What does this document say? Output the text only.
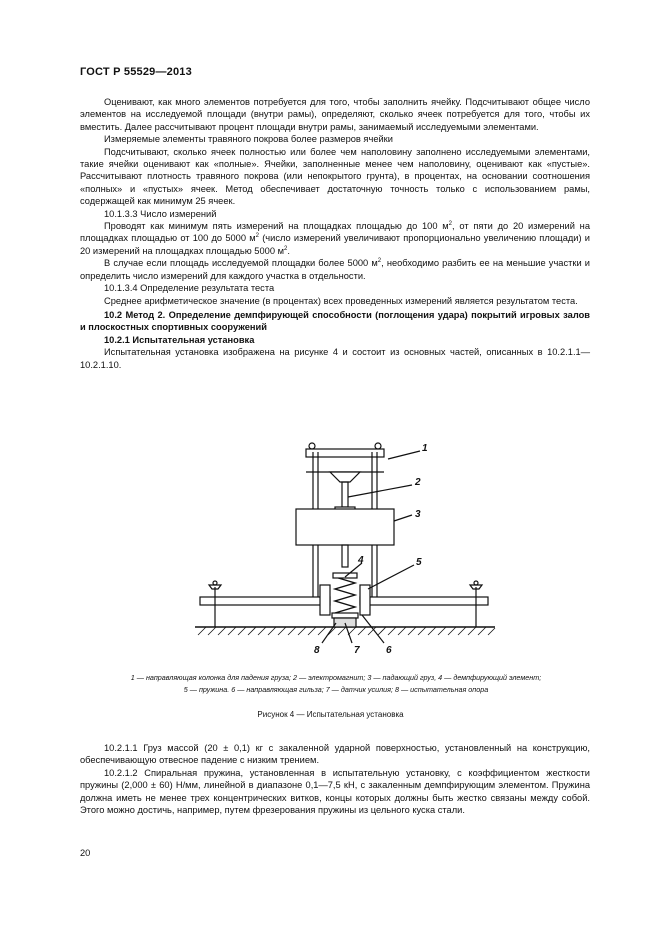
ГОСТ Р 55529—2013

Оценивают, как много элементов потребуется для того, чтобы заполнить ячейку. Подсчитывают общее число элементов на исследуемой площади (внутри рамы), определяют, сколько ячеек потребуется для того, чтобы их вместить. Далее рассчитывают процент площади внутри рамы, занимаемый исследуемыми элементами.

Измеряемые элементы травяного покрова более размеров ячейки

Подсчитывают, сколько ячеек полностью или более чем наполовину заполнено исследуемыми элементами, такие ячейки оценивают как «полные». Ячейки, заполненные менее чем наполовину, оценивают как «пустые». Рассчитывают плотность травяного покрова (или непокрытого грунта), в процентах, на основании соотношения «полных» и «пустых» ячеек. Метод обеспечивает достаточную точность только с использованием рамы, содержащей как минимум 25 ячеек.

10.1.3.3 Число измерений

Проводят как минимум пять измерений на площадках площадью до 100 $м^2$, от пяти до 20 измерений на площадках площадью от 100 до 5000 $м^2$ (число измерений увеличивают пропорционально увеличению площади) и 20 измерений на площадках площадью 5000 $м^2$.

В случае если площадь исследуемой площадки более 5000 $м^2$, необходимо разбить ее на меньшие участки и определить число измерений для каждого участка в отдельности.

10.1.3.4 Определение результата теста

Среднее арифметическое значение (в процентах) всех проведенных измерений является результатом теста.

10.2 Метод 2. Определение демпфирующей способности (поглощения удара) покрытий игровых залов и плоскостных спортивных сооружений

10.2.1 Испытательная установка

Испытательная установка изображена на рисунке 4 и состоит из основных частей, описанных в 10.2.1.1—10.2.1.10.

1
2
3
4	5
6
7
8
1 — направляющая колонка для падения груза; 2 — электромагнит; 3 — падающий груз, 4 — демпфирующий элемент;
5 — пружина. 6 — направляющая гильза; 7 — датчик усилия; 8 — испытательная опора
Рисунок 4 — Испытательная установка

10.2.1.1 Груз массой (20 ± 0,1) кг с закаленной ударной поверхностью, установленный на конструкцию, обеспечивающую отвесное падение с низким трением.

10.2.1.2 Спиральная пружина, установленная в испытательную установку, с коэффициентом жесткости пружины (2,000 ± 60) Н/мм, линейной в диапазоне 0,1—7,5 кН, с закаленным демпфирующим элементом. Пружина должна иметь не менее трех концентрических витков, концы которых должны быть жестко связаны между собой. Этого можно достичь, например, путем фрезерования пружины из цельного куска стали.

20
